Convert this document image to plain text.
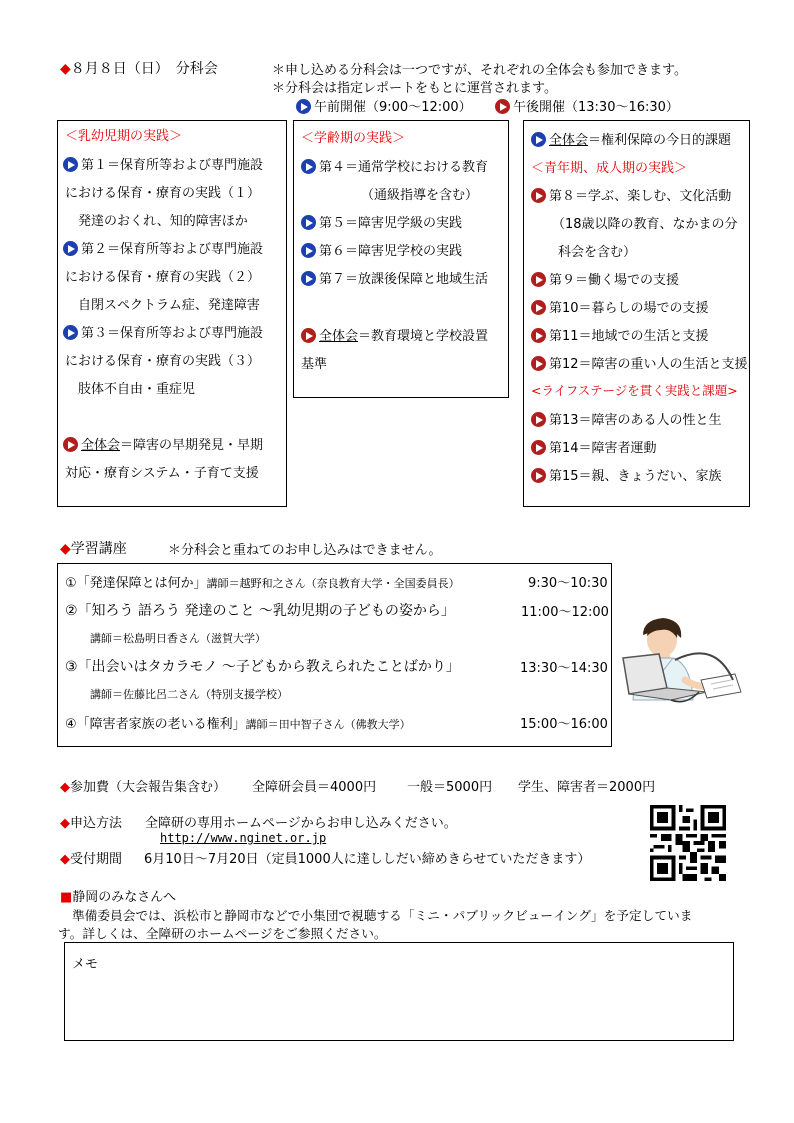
◆８月８日（日）　分科会	＊申し込める分科会は一つですが、それぞれの全体会も参加できます。
＊分科会は指定レポートをもとに運営されます。
午前開催（9:00～12:00）	午後開催（13:30～16:30）
＜乳幼児期の実践＞
第１＝保育所等および専門施設
における保育・療育の実践（１）
発達のおくれ、知的障害ほか
第２＝保育所等および専門施設
における保育・療育の実践（２）
自閉スペクトラム症、発達障害
第３＝保育所等および専門施設
における保育・療育の実践（３）
肢体不自由・重症児
全体会＝障害の早期発見・早期
対応・療育システム・子育て支援
＜学齢期の実践＞
第４＝通常学校における教育
（通級指導を含む）
第５＝障害児学級の実践
第６＝障害児学校の実践
第７＝放課後保障と地域生活
全体会＝教育環境と学校設置
基準
全体会＝権利保障の今日的課題
＜青年期、成人期の実践＞
第８＝学ぶ、楽しむ、文化活動
（18歳以降の教育、なかまの分
科会を含む）
第９＝働く場での支援
第10＝暮らしの場での支援
第11＝地域での生活と支援
第12＝障害の重い人の生活と支援
<ライフステージを貫く実践と課題>
第13＝障害のある人の性と生
第14＝障害者運動
第15＝親、きょうだい、家族
◆学習講座	＊分科会と重ねてのお申し込みはできません。
①「発達保障とは何か」講師＝越野和之さん（奈良教育大学・全国委員長）	9:30～10:30
②「知ろう 語ろう 発達のこと ～乳幼児期の子どもの姿から」	11:00～12:00
講師＝松島明日香さん（滋賀大学）
③「出会いはタカラモノ ～子どもから教えられたことばかり」	13:30～14:30
講師＝佐藤比呂二さん（特別支援学校）
④「障害者家族の老いる権利」講師＝田中智子さん（佛教大学）	15:00～16:00
◆参加費（大会報告集含む） 全障研会員＝4000円 一般＝5000円 学生、障害者＝2000円
◆申込方法 全障研の専用ホームページからお申し込みください。
http://www.nginet.or.jp
◆受付期間 6月10日～7月20日（定員1000人に達ししだい締めきらせていただきます）
■静岡のみなさんへ
準備委員会では、浜松市と静岡市などで小集団で視聴する「ミニ・パブリックビューイング」を予定していま
す。詳しくは、全障研のホームページをご参照ください。
メモ
